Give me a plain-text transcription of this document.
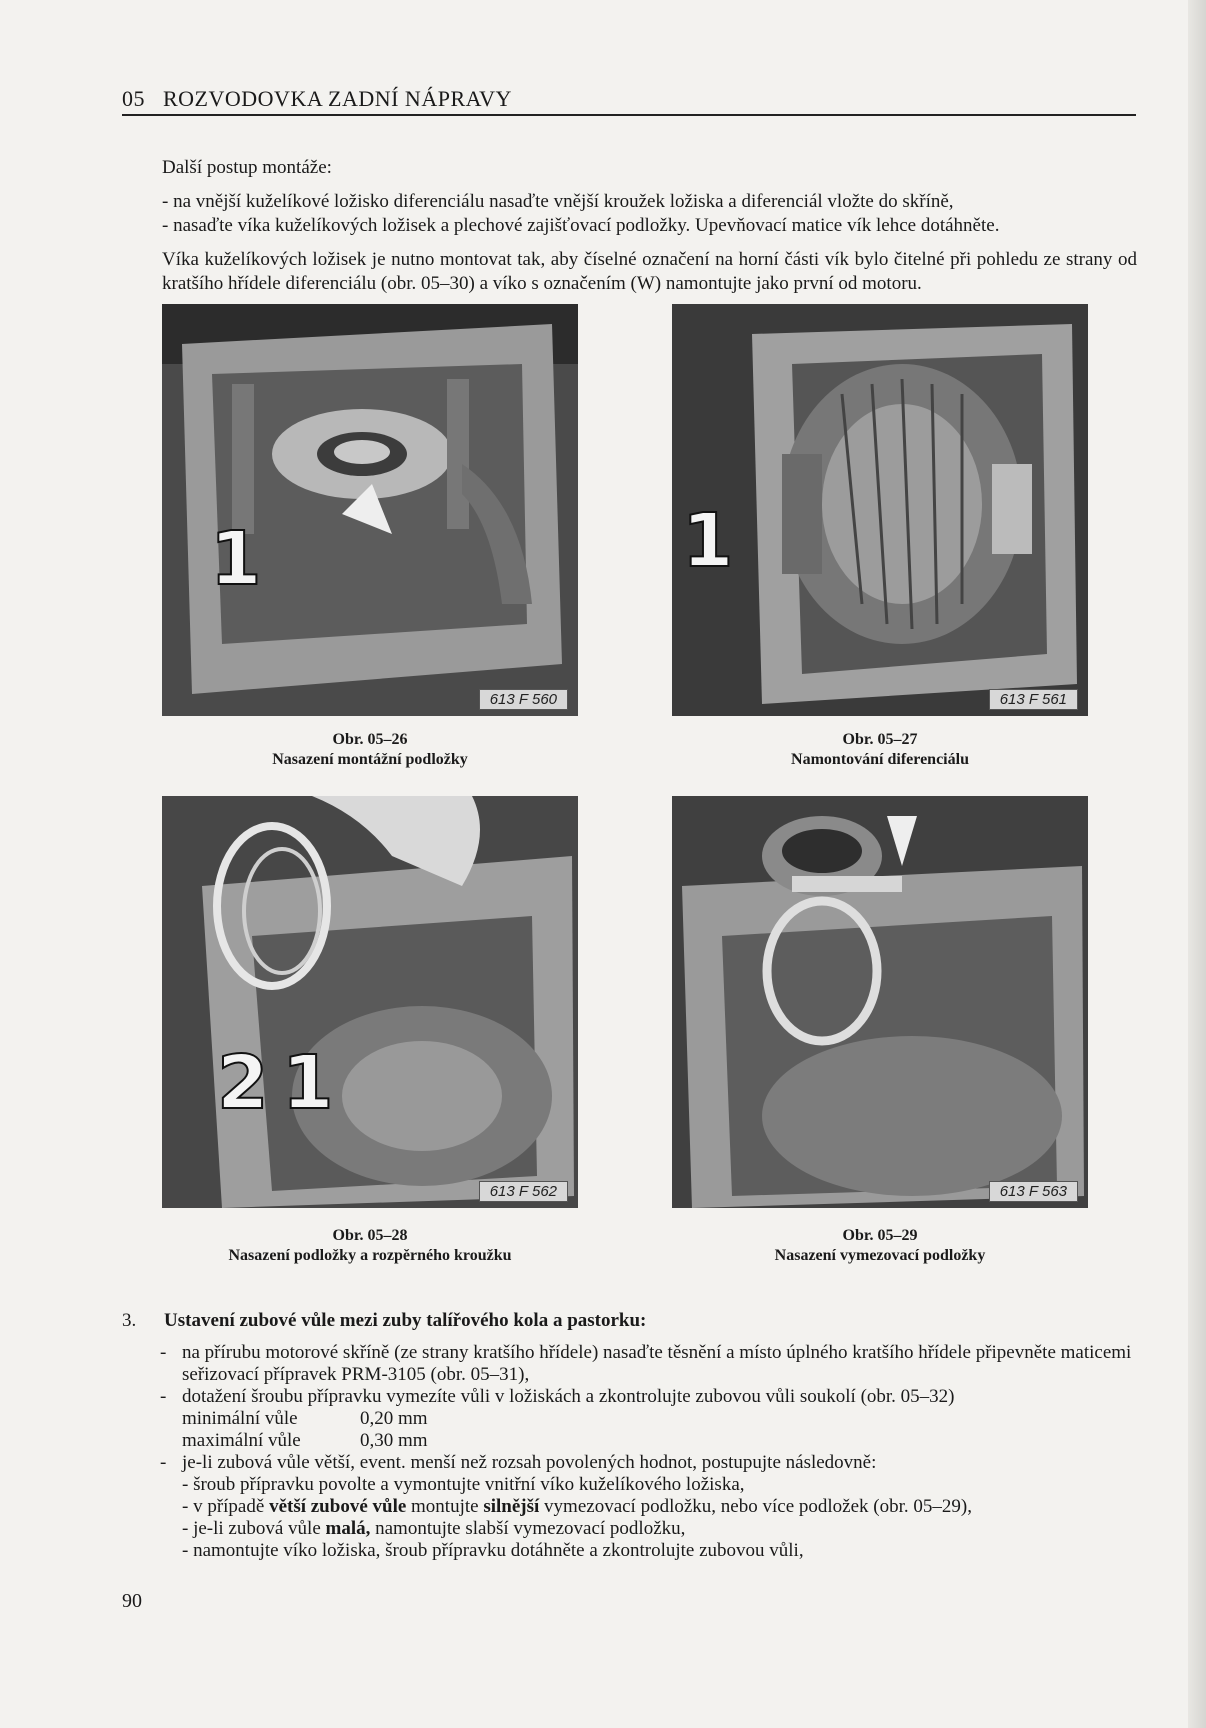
05 ROZVODOVKA ZADNÍ NÁPRAVY

Další postup montáže:

- na vnější kuželíkové ložisko diferenciálu nasaďte vnější kroužek ložiska a diferenciál vložte do skříně,

- nasaďte víka kuželíkových ložisek a plechové zajišťovací podložky. Upevňovací matice vík lehce dotáhněte.

Víka kuželíkových ložisek je nutno montovat tak, aby číselné označení na horní části vík bylo čitelné při pohledu ze strany od kratšího hřídele diferenciálu (obr. 05–30) a víko s označením (W) namontujte jako první od motoru.

1
613 F 560
Obr. 05–26
Nasazení montážní podložky
1
613 F 561
Obr. 05–27
Namontování diferenciálu
2 1
613 F 562
Obr. 05–28
Nasazení podložky a rozpěrného kroužku
613 F 563
Obr. 05–29
Nasazení vymezovací podložky
3.	Ustavení zubové vůle mezi zuby talířového kola a pastorku:
- na přírubu motorové skříně (ze strany kratšího hřídele) nasaďte těsnění a místo úplného kratšího hřídele připevněte maticemi seřizovací přípravek PRM-3105 (obr. 05–31),
- dotažení šroubu přípravku vymezíte vůli v ložiskách a zkontrolujte zubovou vůli soukolí (obr. 05–32)
minimální vůle	0,20 mm
maximální vůle	0,30 mm
- je-li zubová vůle větší, event. menší než rozsah povolených hodnot, postupujte následovně:
- šroub přípravku povolte a vymontujte vnitřní víko kuželíkového ložiska,
- v případě větší zubové vůle montujte silnější vymezovací podložku, nebo více podložek (obr. 05–29),
- je-li zubová vůle malá, namontujte slabší vymezovací podložku,
- namontujte víko ložiska, šroub přípravku dotáhněte a zkontrolujte zubovou vůli,
90
